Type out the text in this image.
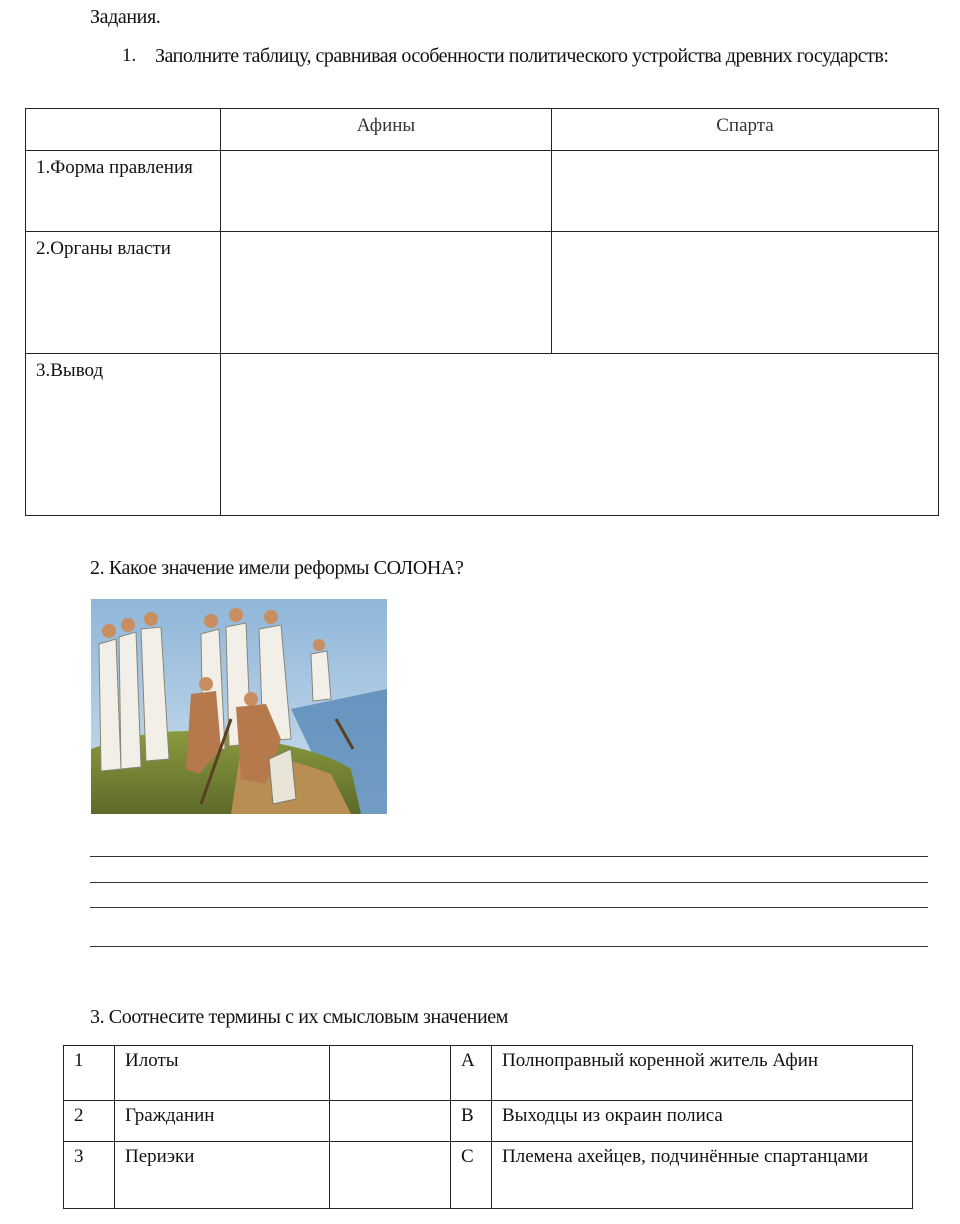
Задания.
1. Заполните таблицу, сравнивая особенности политического устройства древних государств:
	Афины	Спарта
1.Форма правления		
2.Органы власти		
3.Вывод		
2. Какое значение имели реформы СОЛОНА?
3. Соотнесите термины с их смысловым значением
1	Илоты		A	Полноправный коренной житель Афин
2	Гражданин		B	Выходцы из окраин полиса
3	Периэки		C	Племена ахейцев, подчинённые спартанцами
